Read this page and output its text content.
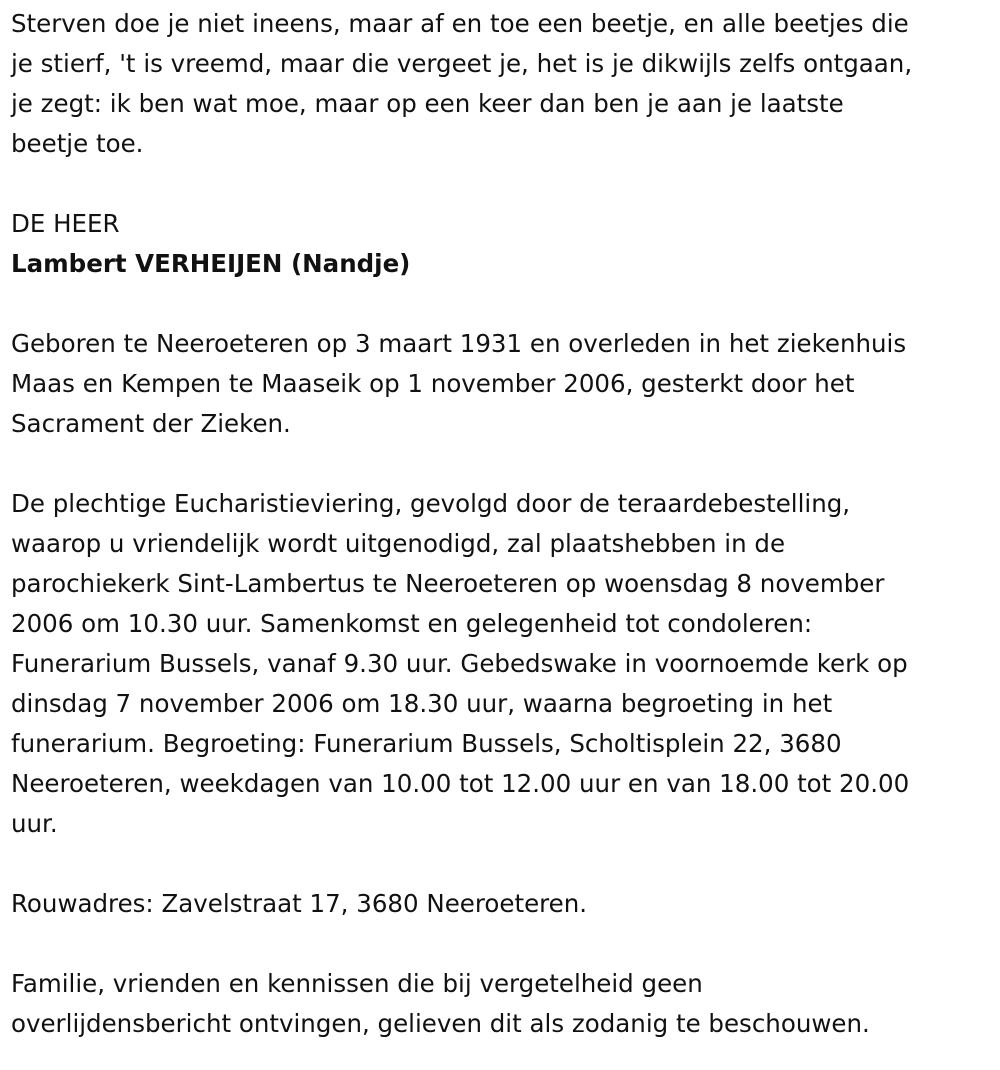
Sterven doe je niet ineens, maar af en toe een beetje, en alle beetjes die
je stierf, 't is vreemd, maar die vergeet je, het is je dikwijls zelfs ontgaan,
je zegt: ik ben wat moe, maar op een keer dan ben je aan je laatste
beetje toe.

DE HEER

Lambert VERHEIJEN (Nandje)

Geboren te Neeroeteren op 3 maart 1931 en overleden in het ziekenhuis
Maas en Kempen te Maaseik op 1 november 2006, gesterkt door het
Sacrament der Zieken.

De plechtige Eucharistieviering, gevolgd door de teraardebestelling,
waarop u vriendelijk wordt uitgenodigd, zal plaatshebben in de
parochiekerk Sint-Lambertus te Neeroeteren op woensdag 8 november
2006 om 10.30 uur. Samenkomst en gelegenheid tot condoleren:
Funerarium Bussels, vanaf 9.30 uur. Gebedswake in voornoemde kerk op
dinsdag 7 november 2006 om 18.30 uur, waarna begroeting in het
funerarium. Begroeting: Funerarium Bussels, Scholtisplein 22, 3680
Neeroeteren, weekdagen van 10.00 tot 12.00 uur en van 18.00 tot 20.00
uur.

Rouwadres: Zavelstraat 17, 3680 Neeroeteren.

Familie, vrienden en kennissen die bij vergetelheid geen
overlijdensbericht ontvingen, gelieven dit als zodanig te beschouwen.
